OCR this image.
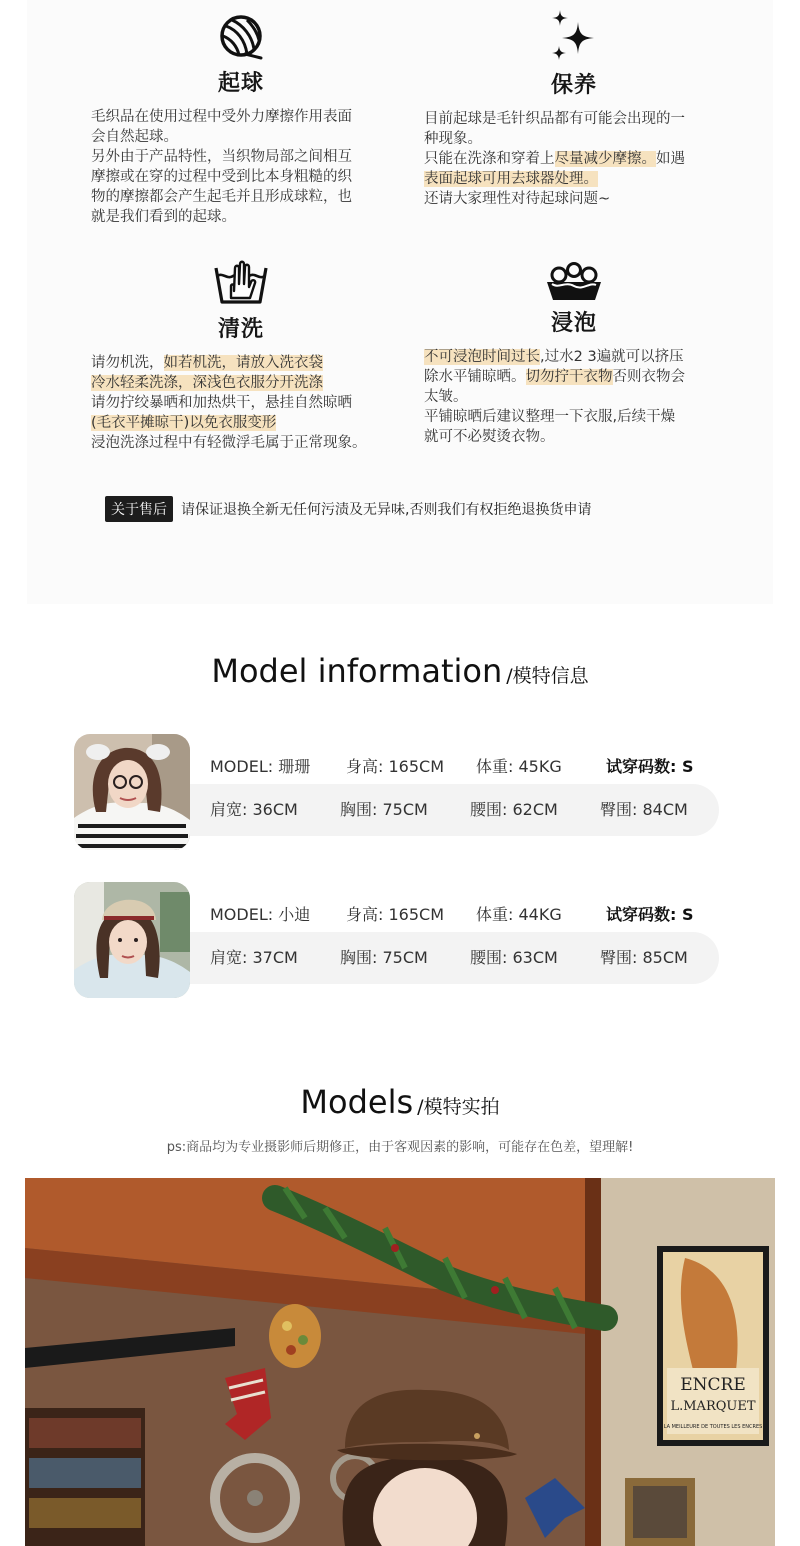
起球

毛织品在使用过程中受外力摩擦作用表面

会自然起球。

另外由于产品特性，当织物局部之间相互

摩擦或在穿的过程中受到比本身粗糙的织

物的摩擦都会产生起毛并且形成球粒，也

就是我们看到的起球。

保养

目前起球是毛针织品都有可能会出现的一

种现象。

只能在洗涤和穿着上尽量减少摩擦。如遇

表面起球可用去球器处理。

还请大家理性对待起球问题~

清洗

请勿机洗，如若机洗，请放入洗衣袋

冷水轻柔洗涤，深浅色衣服分开洗涤

请勿拧绞暴晒和加热烘干，悬挂自然晾晒

(毛衣平摊晾干)以免衣服变形

浸泡洗涤过程中有轻微浮毛属于正常现象。

浸泡

不可浸泡时间过长,过水2 3遍就可以挤压

除水平铺晾晒。切勿拧干衣物否则衣物会

太皱。

平铺晾晒后建议整理一下衣服,后续干燥

就可不必熨烫衣物。

关于售后	请保证退换全新无任何污渍及无异味,否则我们有权拒绝退换货申请
Model information /模特信息
MODEL: 珊珊	身高: 165CM	体重: 45KG	试穿码数: S
肩宽: 36CM	胸围: 75CM	腰围: 62CM	臀围: 84CM
MODEL: 小迪	身高: 165CM	体重: 44KG	试穿码数: S
肩宽: 37CM	胸围: 75CM	腰围: 63CM	臀围: 85CM
Models /模特实拍
ps:商品均为专业摄影师后期修正，由于客观因素的影响，可能存在色差，望理解!
ENCRE
L.MARQUET
LA MEILLEURE DE TOUTES LES ENCRES
